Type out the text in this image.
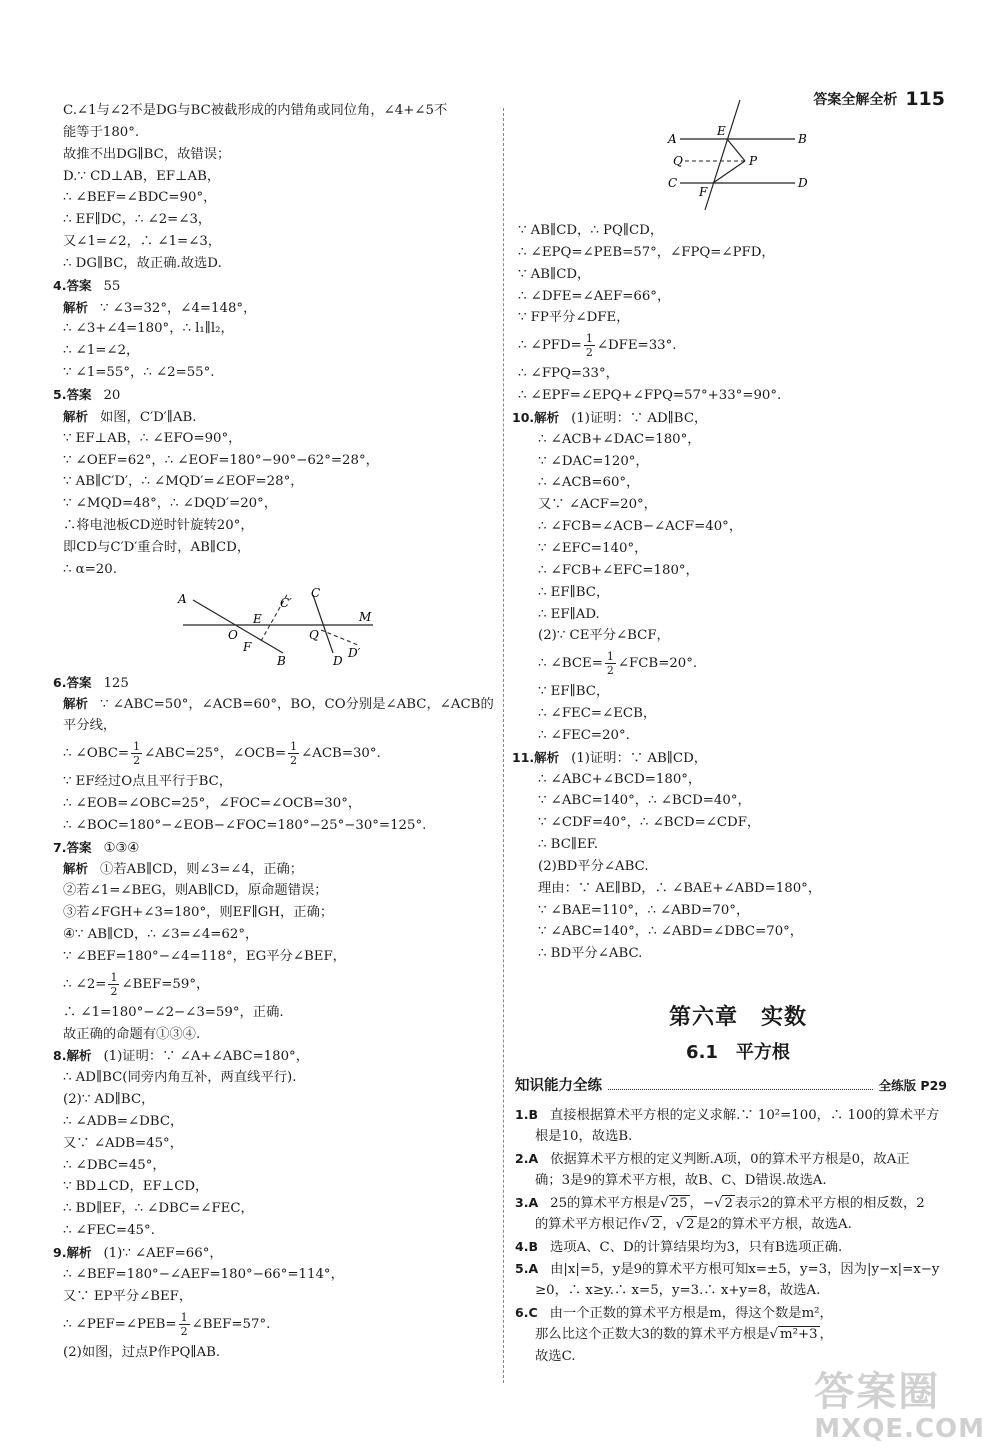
答案全解全析 115
C.∠1与∠2不是DG与BC被截形成的内错角或同位角，∠4+∠5不
能等于180°.
故推不出DG∥BC，故错误；
D.∵ CD⊥AB，EF⊥AB，
∴ ∠BEF=∠BDC=90°，
∴ EF∥DC，∴ ∠2=∠3，
又∠1=∠2，∴ ∠1=∠3，
∴ DG∥BC，故正确.故选D.
4.答案 55
解析 ∵ ∠3=32°，∠4=148°，
∴ ∠3+∠4=180°，∴ l₁∥l₂，
∴ ∠1=∠2，
∵ ∠1=55°，∴ ∠2=55°.
5.答案 20
解析 如图，C′D′∥AB.
∵ EF⊥AB，∴ ∠EFO=90°，
∵ ∠OEF=62°，∴ ∠EOF=180°−90°−62°=28°，
∵ AB∥C′D′，∴ ∠MQD′=∠EOF=28°，
∵ ∠MQD=48°，∴ ∠DQD′=20°，
∴将电池板CD逆时针旋转20°，
即CD与C′D′重合时，AB∥CD，
∴ α=20.
A
E
C′
C
M
O
F
Q
D′
B	D
6.答案 125
解析 ∵ ∠ABC=50°，∠ACB=60°，BO，CO分别是∠ABC，∠ACB的
平分线，
∴ ∠OBC= $\frac{1}{2}$ ∠ABC=25°，∠OCB= $\frac{1}{2}$ ∠ACB=30°.
∵ EF经过O点且平行于BC，
∴ ∠EOB=∠OBC=25°，∠FOC=∠OCB=30°，
∴ ∠BOC=180°−∠EOB−∠FOC=180°−25°−30°=125°.
7.答案 ①③④
解析 ①若AB∥CD，则∠3=∠4，正确；
②若∠1=∠BEG，则AB∥CD，原命题错误；
③若∠FGH+∠3=180°，则EF∥GH，正确；
④∵ AB∥CD，∴ ∠3=∠4=62°，
∵ ∠BEF=180°−∠4=118°，EG平分∠BEF，
∴ ∠2= $\frac{1}{2}$ ∠BEF=59°，
∴ ∠1=180°−∠2−∠3=59°，正确.
故正确的命题有①③④.
8.解析 (1)证明：∵ ∠A+∠ABC=180°，
∴ AD∥BC(同旁内角互补，两直线平行).
(2)∵ AD∥BC，
∴ ∠ADB=∠DBC，
又∵ ∠ADB=45°，
∴ ∠DBC=45°，
∵ BD⊥CD，EF⊥CD，
∴ BD∥EF，∴ ∠DBC=∠FEC，
∴ ∠FEC=45°.
9.解析 (1)∵ ∠AEF=66°，
∴ ∠BEF=180°−∠AEF=180°−66°=114°，
又∵ EP平分∠BEF，
∴ ∠PEF=∠PEB= $\frac{1}{2}$ ∠BEF=57°.
(2)如图，过点P作PQ∥AB.
A
E
B
Q	P
C
F
D
∵ AB∥CD，∴ PQ∥CD，
∴ ∠EPQ=∠PEB=57°，∠FPQ=∠PFD，
∵ AB∥CD，
∴ ∠DFE=∠AEF=66°，
∵ FP平分∠DFE，
∴ ∠PFD= $\frac{1}{2}$ ∠DFE=33°.
∴ ∠FPQ=33°，
∴ ∠EPF=∠EPQ+∠FPQ=57°+33°=90°.
10.解析 (1)证明：∵ AD∥BC，
∴ ∠ACB+∠DAC=180°，
∵ ∠DAC=120°，
∴ ∠ACB=60°，
又∵ ∠ACF=20°，
∴ ∠FCB=∠ACB−∠ACF=40°，
∵ ∠EFC=140°，
∴ ∠FCB+∠EFC=180°，
∴ EF∥BC，
∴ EF∥AD.
(2)∵ CE平分∠BCF，
∴ ∠BCE= $\frac{1}{2}$ ∠FCB=20°.
∵ EF∥BC，
∴ ∠FEC=∠ECB，
∴ ∠FEC=20°.
11.解析 (1)证明：∵ AB∥CD，
∴ ∠ABC+∠BCD=180°，
∵ ∠ABC=140°，∴ ∠BCD=40°，
∵ ∠CDF=40°，∴ ∠BCD=∠CDF，
∴ BC∥EF.
(2)BD平分∠ABC.
理由：∵ AE∥BD，∴ ∠BAE+∠ABD=180°，
∵ ∠BAE=110°，∴ ∠ABD=70°，
∵ ∠ABC=140°，∴ ∠ABD=∠DBC=70°，
∴ BD平分∠ABC.
第六章　实数
6.1　平方根
知识能力全练	全练版 P29
1.B 直接根据算术平方根的定义求解.∵ 10²=100，∴ 100的算术平方
根是10，故选B.
2.A 依据算术平方根的定义判断.A项，0的算术平方根是0，故A正
确；3是9的算术平方根，故B、C、D错误.故选A.
3.A 25的算术平方根是√ 25 ，−√ 2 表示2的算术平方根的相反数，2
的算术平方根记作√ 2 ，√ 2 是2的算术平方根，故选A.
4.B 选项A、C、D的计算结果均为3，只有B选项正确.
5.A 由|x|=5，y是9的算术平方根可知x=±5，y=3，因为|y−x|=x−y
≥0，∴ x≥y.∴ x=5，y=3.∴ x+y=8，故选A.
6.C 由一个正数的算术平方根是m，得这个数是m²，
那么比这个正数大3的数的算术平方根是√ m²+3 ，
故选C.
答案圈
MXQE.COM
